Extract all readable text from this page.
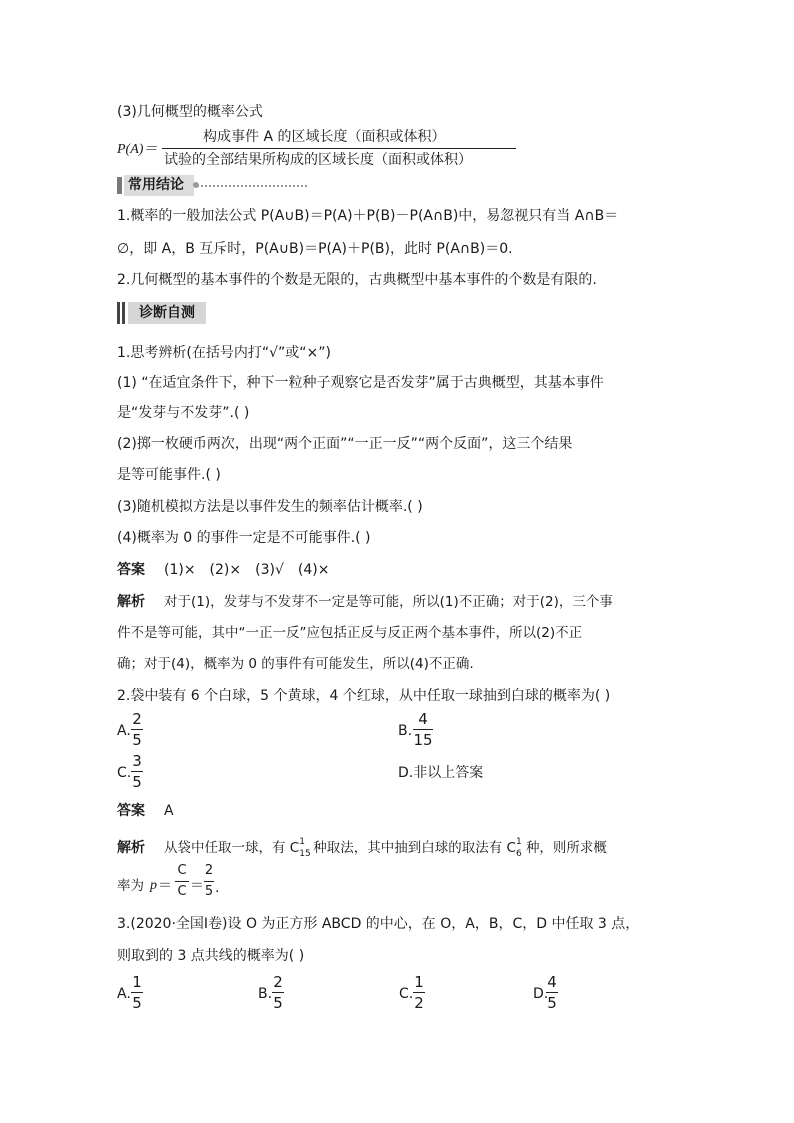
(3)几何概型的概率公式
P(A)＝
构成事件 A 的区域长度（面积或体积）
试验的全部结果所构成的区域长度（面积或体积）
常用结论
1.概率的一般加法公式 P(A∪B)＝P(A)＋P(B)－P(A∩B)中，易忽视只有当 A∩B＝
∅，即 A，B 互斥时，P(A∪B)＝P(A)＋P(B)，此时 P(A∩B)＝0.
2.几何概型的基本事件的个数是无限的，古典概型中基本事件的个数是有限的.
诊断自测
1.思考辨析(在括号内打“√”或“×”)
(1) “在适宜条件下，种下一粒种子观察它是否发芽”属于古典概型，其基本事件
是“发芽与不发芽”.( )
(2)掷一枚硬币两次，出现“两个正面”“一正一反”“两个反面”，这三个结果
是等可能事件.( )
(3)随机模拟方法是以事件发生的频率估计概率.( )
(4)概率为 0 的事件一定是不可能事件.( )
答案 (1)×　(2)×　(3)√　(4)×
解析 对于(1)，发芽与不发芽不一定是等可能，所以(1)不正确；对于(2)，三个事
件不是等可能，其中“一正一反”应包括正反与反正两个基本事件，所以(2)不正
确；对于(4)，概率为 0 的事件有可能发生，所以(4)不正确.
2.袋中装有 6 个白球，5 个黄球，4 个红球，从中任取一球抽到白球的概率为( )
A.
2
5	B.
4
15
C.
3
5	D.非以上答案
答案 A
解析 从袋中任取一球，有 C 1
15 种取法，其中抽到白球的取法有 C 1
6 种，则所求概
率为 p ＝
C
C ＝
2
5 .
3.(2020·全国Ⅰ卷)设 O 为正方形 ABCD 的中心，在 O，A，B，C，D 中任取 3 点，
则取到的 3 点共线的概率为( )
A.
1
5	B.
2
5	C.
1
2	D.
4
5
